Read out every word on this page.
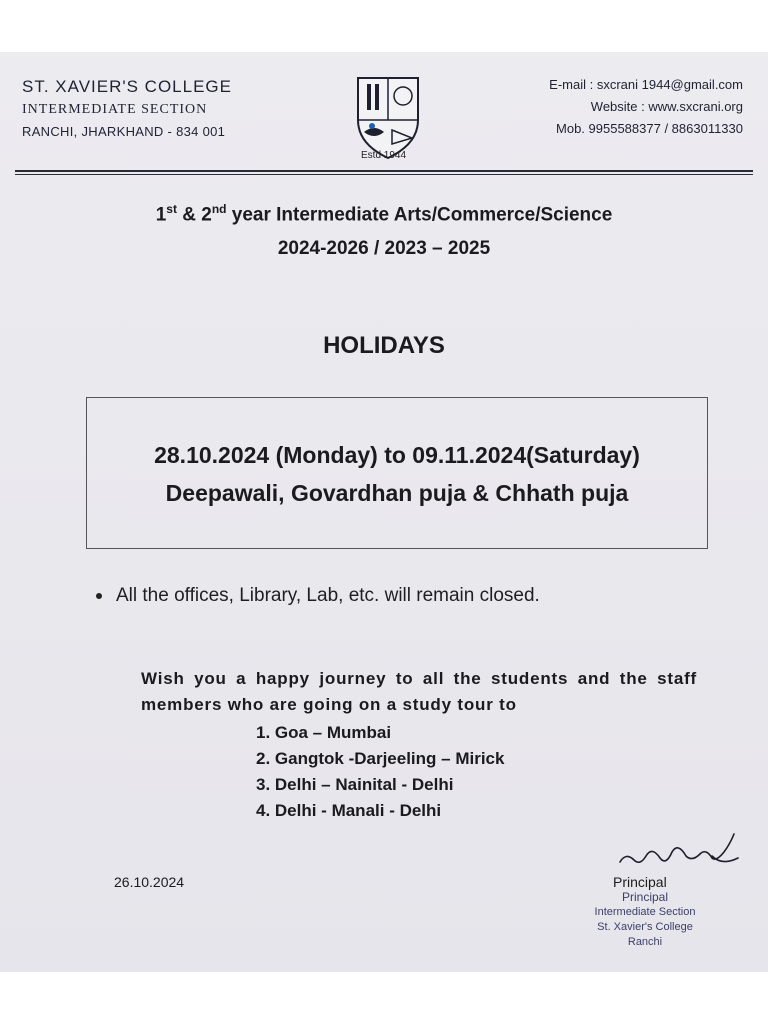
ST. XAVIER'S COLLEGE
INTERMEDIATE SECTION
RANCHI, JHARKHAND - 834 001
Estd 1944
E-mail : sxcrani 1944@gmail.com
Website : www.sxcrani.org
Mob. 9955588377 / 8863011330
1st & 2nd year Intermediate Arts/Commerce/Science
2024-2026 / 2023 – 2025
HOLIDAYS
28.10.2024 (Monday) to 09.11.2024(Saturday)
Deepawali, Govardhan puja & Chhath puja
All the offices, Library, Lab, etc. will remain closed.
Wish you a happy journey to all the students and the staff members who are going on a study tour to
1. Goa – Mumbai
2. Gangtok -Darjeeling – Mirick
3. Delhi – Nainital - Delhi
4. Delhi - Manali - Delhi
26.10.2024	Principal
Principal
Intermediate Section
St. Xavier's College
Ranchi
